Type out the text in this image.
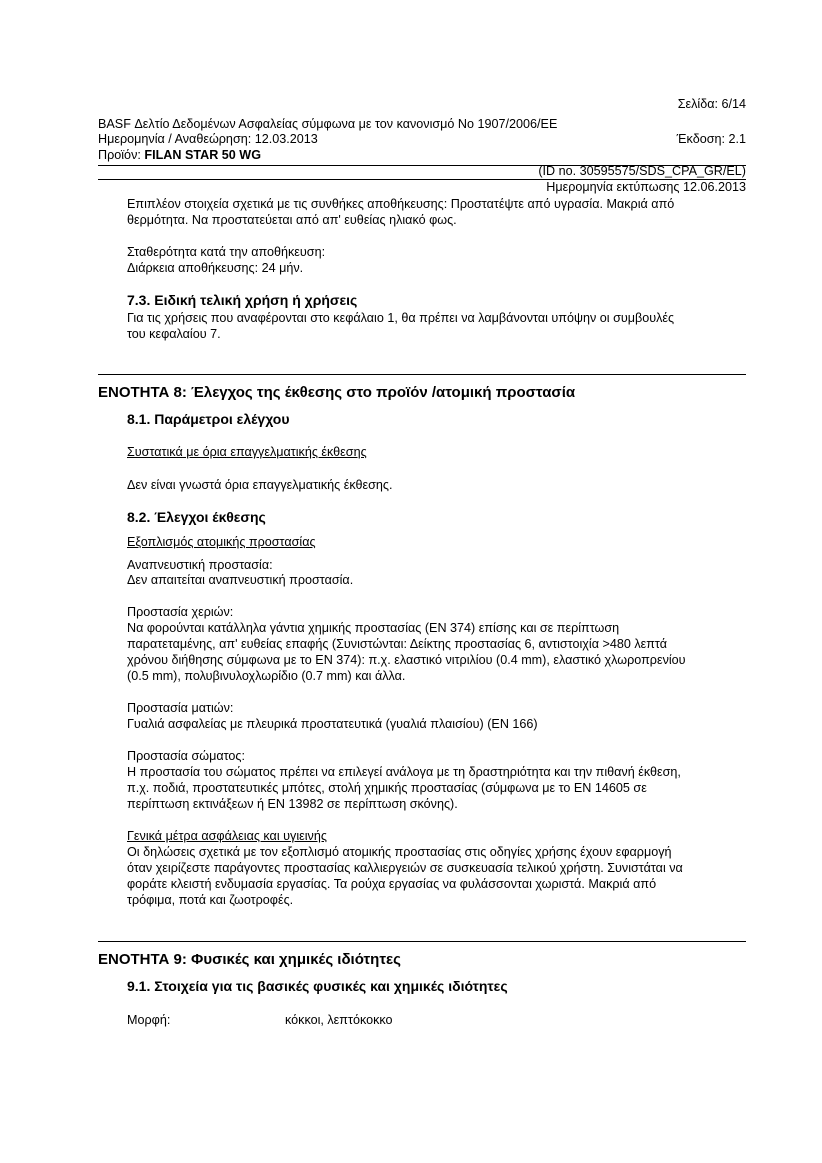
Σελίδα: 6/14
BASF Δελτίο Δεδομένων Ασφαλείας σύμφωνα με τον κανονισμό No 1907/2006/ΕΕ
Ημερομηνία / Αναθεώρηση: 12.03.2013	Έκδοση: 2.1
Προϊόν: FILAN STAR 50 WG
(ID no. 30595575/SDS_CPA_GR/EL)
Ημερομηνία εκτύπωσης 12.06.2013
Επιπλέον στοιχεία σχετικά με τις συνθήκες αποθήκευσης: Προστατέψτε από υγρασία. Μακριά από
θερμότητα. Να προστατεύεται από απ' ευθείας ηλιακό φως.
Σταθερότητα κατά την αποθήκευση:
Διάρκεια αποθήκευσης: 24 μήν.
7.3. Ειδική τελική χρήση ή χρήσεις
Για τις χρήσεις που αναφέρονται στο κεφάλαιο 1, θα πρέπει να λαμβάνονται υπόψην οι συμβουλές
του κεφαλαίου 7.
ΕΝΟΤΗΤΑ 8: Έλεγχος της έκθεσης στο προϊόν /ατομική προστασία
8.1. Παράμετροι ελέγχου
Συστατικά με όρια επαγγελματικής έκθεσης
Δεν είναι γνωστά όρια επαγγελματικής έκθεσης.
8.2. Έλεγχοι έκθεσης
Εξοπλισμός ατομικής προστασίας
Αναπνευστική προστασία:
Δεν απαιτείται αναπνευστική προστασία.
Προστασία χεριών:
Να φορούνται κατάλληλα γάντια χημικής προστασίας (EN 374) επίσης και σε περίπτωση
παρατεταμένης, απ' ευθείας επαφής (Συνιστώνται: Δείκτης προστασίας 6, αντιστοιχία >480 λεπτά
χρόνου διήθησης σύμφωνα με το EN 374): π.χ. ελαστικό νιτριλίου (0.4 mm), ελαστικό χλωροπρενίου
(0.5 mm), πολυβινυλοχλωρίδιο (0.7 mm) και άλλα.
Προστασία ματιών:
Γυαλιά ασφαλείας με πλευρικά προστατευτικά (γυαλιά πλαισίου) (EN 166)
Προστασία σώματος:
Η προστασία του σώματος πρέπει να επιλεγεί ανάλογα με τη δραστηριότητα και την πιθανή έκθεση,
π.χ. ποδιά, προστατευτικές μπότες, στολή χημικής προστασίας (σύμφωνα με το EN 14605 σε
περίπτωση εκτινάξεων ή EN 13982 σε περίπτωση σκόνης).
Γενικά μέτρα ασφάλειας και υγιεινής
Οι δηλώσεις σχετικά με τον εξοπλισμό ατομικής προστασίας στις οδηγίες χρήσης έχουν εφαρμογή
όταν χειρίζεστε παράγοντες προστασίας καλλιεργειών σε συσκευασία τελικού χρήστη. Συνιστάται να
φοράτε κλειστή ενδυμασία εργασίας. Τα ρούχα εργασίας να φυλάσσονται χωριστά. Μακριά από
τρόφιμα, ποτά και ζωοτροφές.
ΕΝΟΤΗΤΑ 9: Φυσικές και χημικές ιδιότητες
9.1. Στοιχεία για τις βασικές φυσικές και χημικές ιδιότητες
Μορφή:	κόκκοι, λεπτόκοκκο
